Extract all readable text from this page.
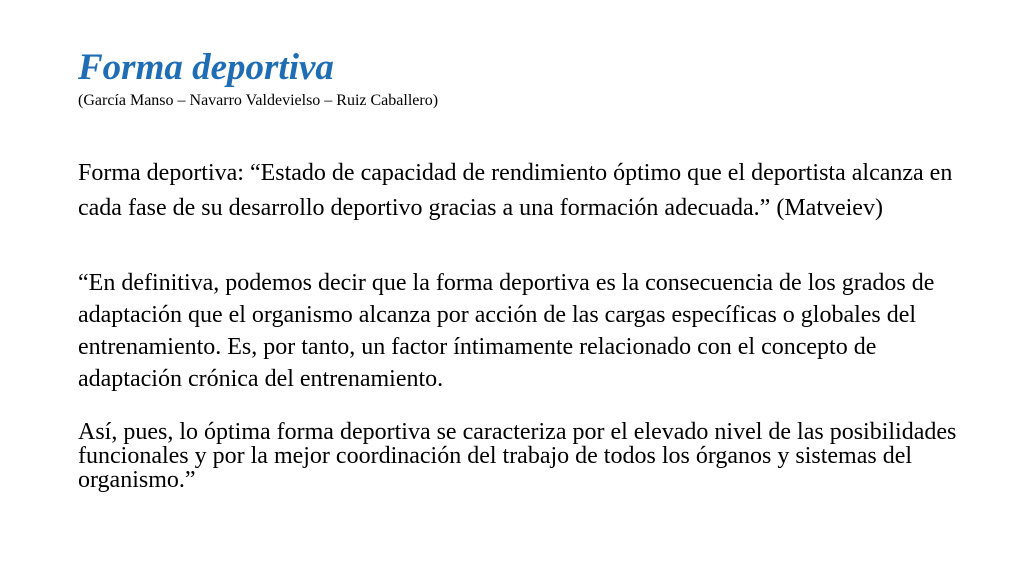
Forma deportiva
(García Manso – Navarro Valdevielso – Ruiz Caballero)
Forma deportiva: “Estado de capacidad de rendimiento óptimo que el deportista alcanza en cada fase de su desarrollo deportivo gracias a una formación adecuada.” (Matveiev)
“En definitiva, podemos decir que la forma deportiva es la consecuencia de los grados de adaptación que el organismo alcanza por acción de las cargas específicas o globales del entrenamiento. Es, por tanto, un factor íntimamente relacionado con el concepto de adaptación crónica del entrenamiento.
Así, pues, lo óptima forma deportiva se caracteriza por el elevado nivel de las posibilidades funcionales y por la mejor coordinación del trabajo de todos los órganos y sistemas del organismo.”
